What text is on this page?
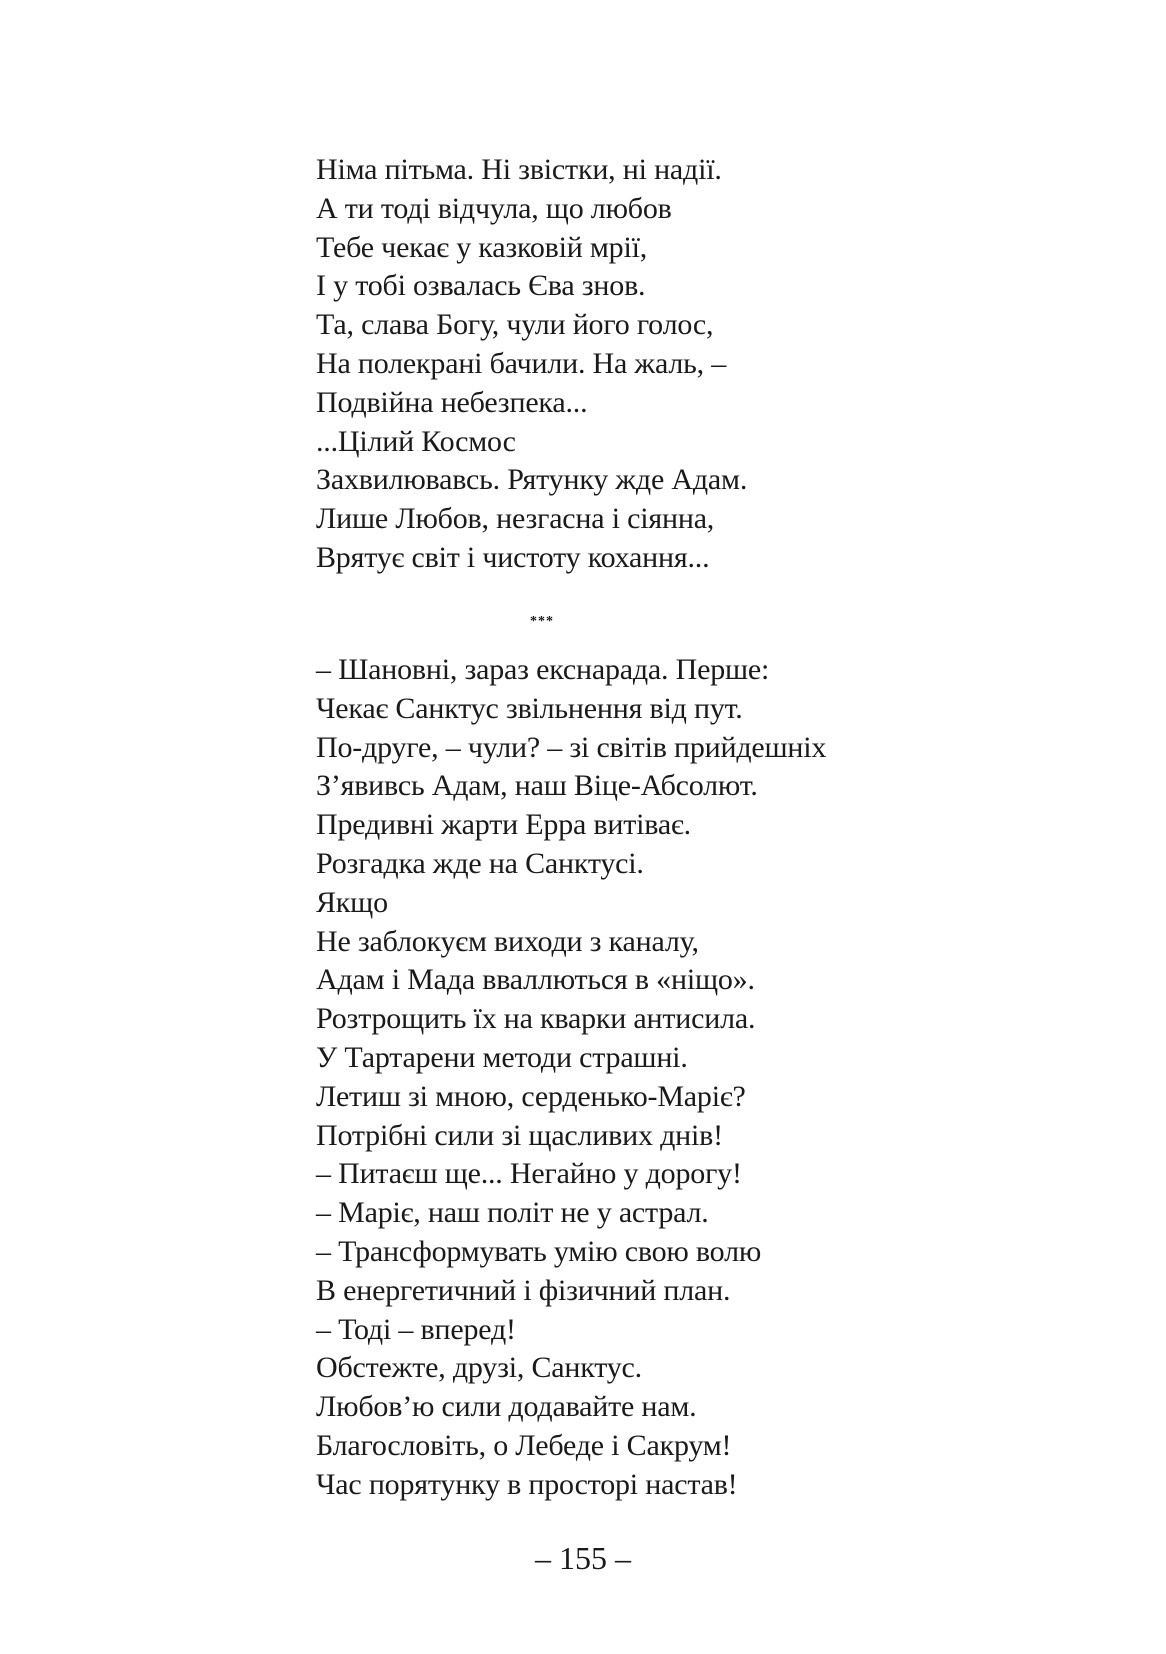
Німа пітьма. Ні звістки, ні надії.
А ти тоді відчула, що любов
Тебе чекає у казковій мрії,
І у тобі озвалась Єва знов.
Та, слава Богу, чули його голос,
На полекрані бачили. На жаль, –
Подвійна небезпека...
...Цілий Космос
Захвилювавсь. Рятунку жде Адам.
Лише Любов, незгасна і сіянна,
Врятує світ і чистоту кохання...
***
– Шановні, зараз екснарада. Перше:
Чекає Санктус звільнення від пут.
По-друге, – чули? – зі світів прийдешніх
З’явивсь Адам, наш Віце-Абсолют.
Предивні жарти Ерра витіває.
Розгадка жде на Санктусі.
Якщо
Не заблокуєм виходи з каналу,
Адам і Мада вваллються в «ніщо».
Розтрощить їх на кварки антисила.
У Тартарени методи страшні.
Летиш зі мною, серденько-Маріє?
Потрібні сили зі щасливих днів!
– Питаєш ще... Негайно у дорогу!
– Маріє, наш політ не у астрал.
– Трансформувать умію свою волю
В енергетичний і фізичний план.
– Тоді – вперед!
Обстежте, друзі, Санктус.
Любов’ю сили додавайте нам.
Благословіть, о Лебеде і Сакрум!
Час порятунку в просторі настав!
– 155 –
